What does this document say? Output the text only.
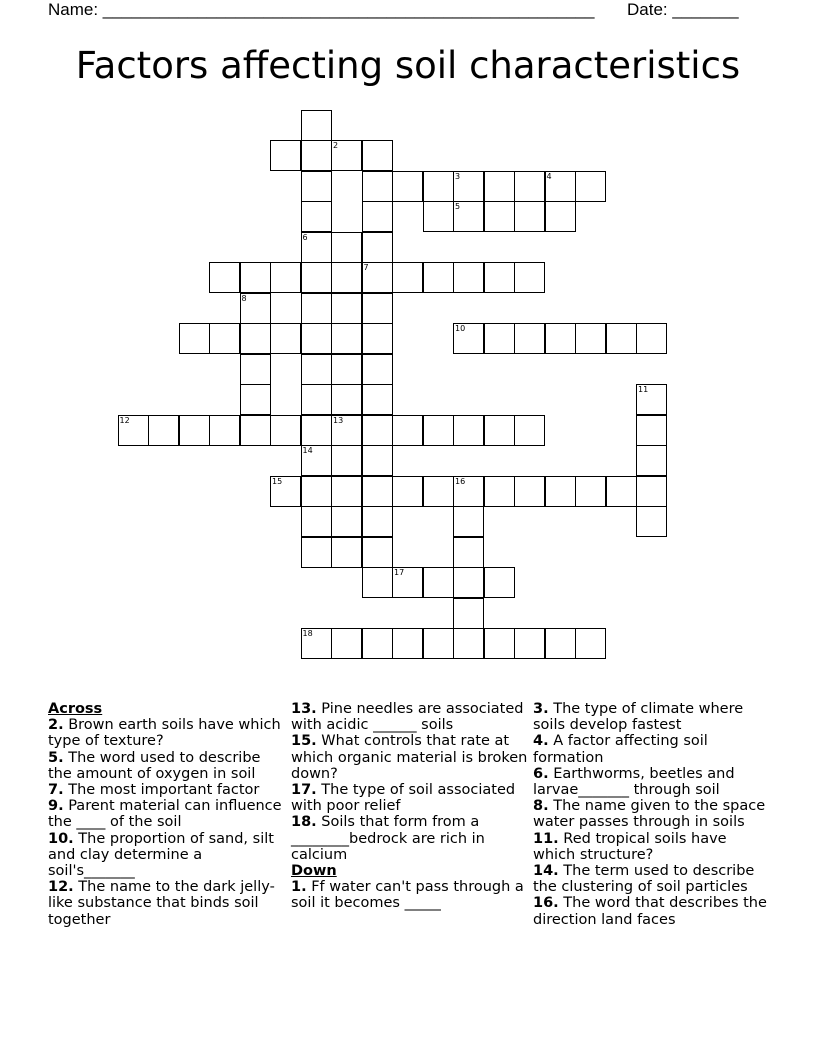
Name: ____________________________________________________ Date: _______
Factors affecting soil characteristics
6
14
2
7
3	4
5
8
10
12	13
15	16
17
11
18
Across
2. Brown earth soils have which type of texture?
5. The word used to describe the amount of oxygen in soil
7. The most important factor
9. Parent material can influence the ____ of the soil
10. The proportion of sand, silt and clay determine a soil's_______
12. The name to the dark jelly-like substance that binds soil together
13. Pine needles are associated with acidic ______ soils
15. What controls that rate at which organic material is broken down?
17. The type of soil associated with poor relief
18. Soils that form from a ________bedrock are rich in calcium
Down
1. Ff water can't pass through a soil it becomes _____
3. The type of climate where soils develop fastest
4. A factor affecting soil formation
6. Earthworms, beetles and larvae_______ through soil
8. The name given to the space water passes through in soils
11. Red tropical soils have which structure?
14. The term used to describe the clustering of soil particles
16. The word that describes the direction land faces
